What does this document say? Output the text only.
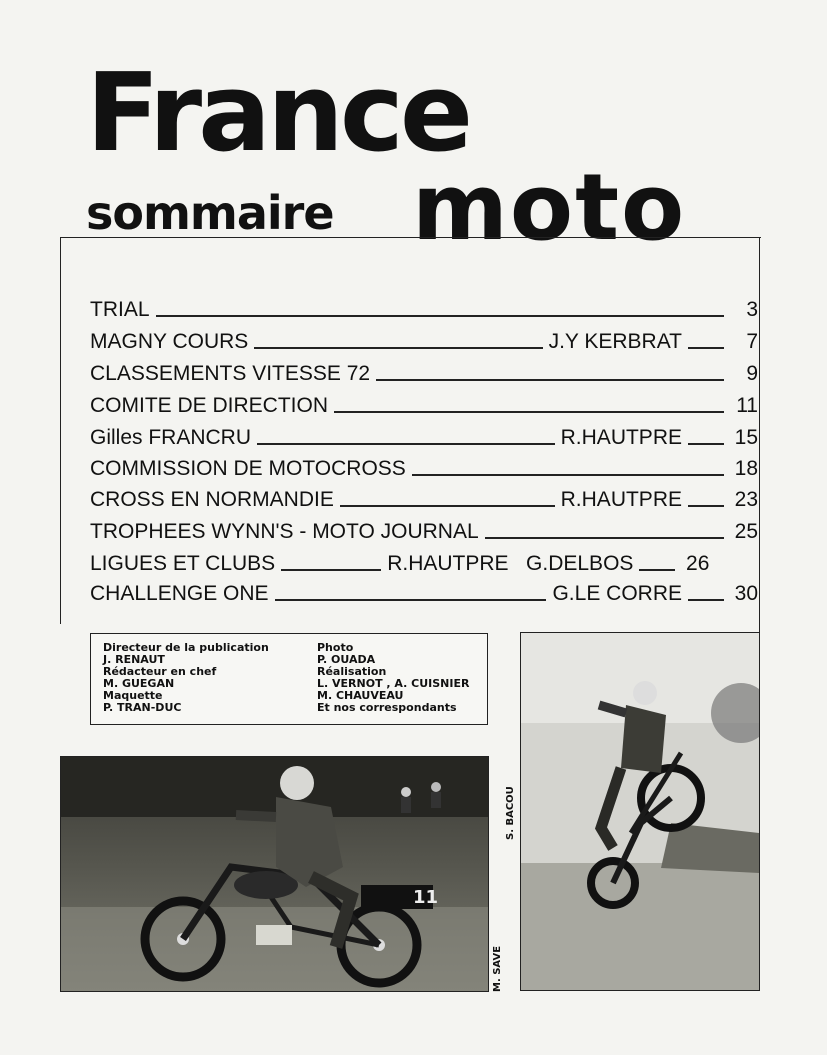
France
sommaire moto
TRIAL	3
MAGNY COURS	J.Y KERBRAT	7
CLASSEMENTS VITESSE 72	9
COMITE DE DIRECTION	11
Gilles FRANCRU	R.HAUTPRE	15
COMMISSION DE MOTOCROSS	18
CROSS EN NORMANDIE	R.HAUTPRE	23
TROPHEES WYNN'S - MOTO JOURNAL	25
LIGUES ET CLUBS	R.HAUTPRE   G.DELBOS	26
CHALLENGE ONE	G.LE CORRE	30
Directeur de la publication
J. RENAUT
Rédacteur en chef
M. GUEGAN
Maquette
P. TRAN-DUC
Photo
P. OUADA
Réalisation
L. VERNOT , A. CUISNIER
M. CHAUVEAU
Et nos correspondants
11
M. SAVE
S. BACOU
